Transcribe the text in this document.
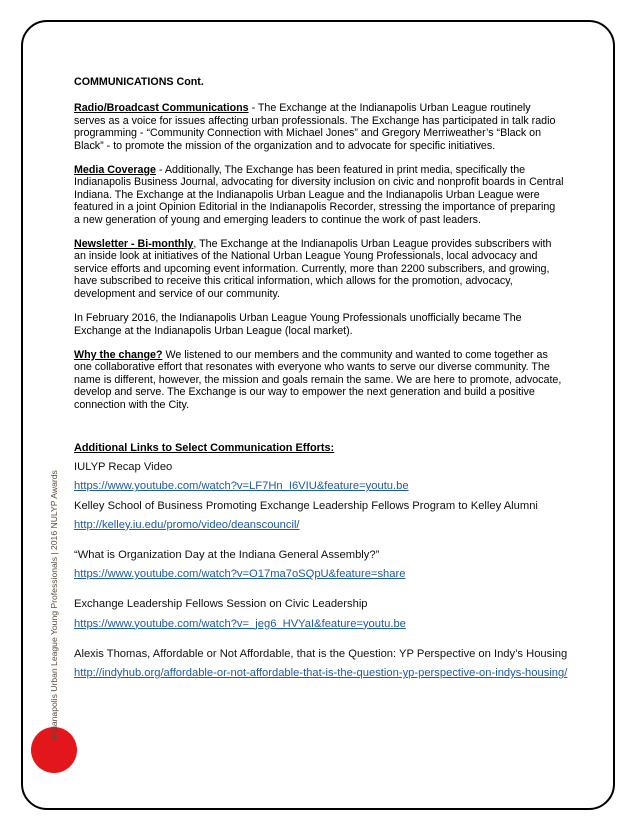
Indianapolis Urban League Young Professionals | 2016 NULYP Awards

COMMUNICATIONS Cont.

Radio/Broadcast Communications - The Exchange at the Indianapolis Urban League routinely serves as a voice for issues affecting urban professionals. The Exchange has participated in talk radio programming - “Community Connection with Michael Jones” and Gregory Merriweather’s “Black on Black” - to promote the mission of the organization and to advocate for specific initiatives.

Media Coverage - Additionally, The Exchange has been featured in print media, specifically the Indianapolis Business Journal, advocating for diversity inclusion on civic and nonprofit boards in Central Indiana. The Exchange at the Indianapolis Urban League and the Indianapolis Urban League were featured in a joint Opinion Editorial in the Indianapolis Recorder, stressing the importance of preparing a new generation of young and emerging leaders to continue the work of past leaders.

Newsletter - Bi-monthly, The Exchange at the Indianapolis Urban League provides subscribers with an inside look at initiatives of the National Urban League Young Professionals, local advocacy and service efforts and upcoming event information. Currently, more than 2200 subscribers, and growing, have subscribed to receive this critical information, which allows for the promotion, advocacy, development and service of our community.

In February 2016, the Indianapolis Urban League Young Professionals unofficially became The Exchange at the Indianapolis Urban League (local market).

Why the change? We listened to our members and the community and wanted to come together as one collaborative effort that resonates with everyone who wants to serve our diverse community. The name is different, however, the mission and goals remain the same. We are here to promote, advocate, develop and serve. The Exchange is our way to empower the next generation and build a positive connection with the City.

Additional Links to Select Communication Efforts:
IULYP Recap Video
https://www.youtube.com/watch?v=LF7Hn_I6VIU&feature=youtu.be
Kelley School of Business Promoting Exchange Leadership Fellows Program to Kelley Alumni
http://kelley.iu.edu/promo/video/deanscouncil/
“What is Organization Day at the Indiana General Assembly?”
https://www.youtube.com/watch?v=O17ma7oSQpU&feature=share
Exchange Leadership Fellows Session on Civic Leadership
https://www.youtube.com/watch?v=_jeg6_HVYaI&feature=youtu.be
Alexis Thomas, Affordable or Not Affordable, that is the Question: YP Perspective on Indy’s Housing
http://indyhub.org/affordable-or-not-affordable-that-is-the-question-yp-perspective-on-indys-housing/
